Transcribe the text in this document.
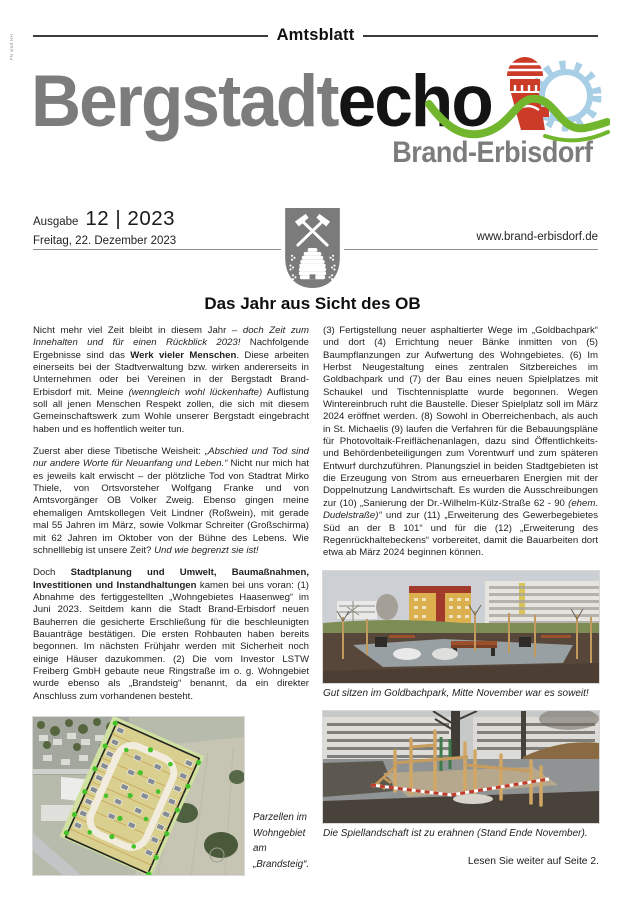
FN sind HH	Amtsblatt
Bergstadtecho
Brand-Erbisdorf
Ausgabe 12 | 2023
Freitag, 22. Dezember 2023	www.brand-erbisdorf.de
Das Jahr aus Sicht des OB

Nicht mehr viel Zeit bleibt in diesem Jahr – doch Zeit zum Innehalten und für einen Rückblick 2023! Nachfolgende Ergebnisse sind das Werk vieler Menschen. Diese arbeiten einerseits bei der Stadtverwaltung bzw. wirken andererseits in Unternehmen oder bei Vereinen in der Bergstadt Brand-Erbisdorf mit. Meine (wenngleich wohl lückenhafte) Auflistung soll all jenen Menschen Respekt zollen, die sich mit diesem Gemeinschaftswerk zum Wohle unserer Bergstadt eingebracht haben und es hoffentlich weiter tun.

Zuerst aber diese Tibetische Weisheit: „Abschied und Tod sind nur andere Worte für Neuanfang und Leben.“ Nicht nur mich hat es jeweils kalt erwischt – der plötzliche Tod von Stadtrat Mirko Thiele, von Ortsvorsteher Wolfgang Franke und von Amtsvorgänger OB Volker Zweig. Ebenso gingen meine ehemaligen Amtskollegen Veit Lindner (Roßwein), mit gerade mal 55 Jahren im März, sowie Volkmar Schreiter (Großschirma) mit 62 Jahren im Oktober von der Bühne des Lebens. Wie schnelllebig ist unsere Zeit? Und wie begrenzt sie ist!

Doch Stadtplanung und Umwelt, Baumaßnahmen, Investitionen und Instandhaltungen kamen bei uns voran: (1) Abnahme des fertiggestellten „Wohngebietes Haasenweg“ im Juni 2023. Seitdem kann die Stadt Brand-Erbisdorf neuen Bauherren die gesicherte Erschließung für die beschleunigten Bauanträge bestätigen. Die ersten Rohbauten haben bereits begonnen. Im nächsten Frühjahr werden mit Sicherheit noch einige Häuser dazukommen. (2) Die vom Investor LSTW Freiberg GmbH gebaute neue Ringstraße im o. g. Wohngebiet wurde ebenso als „Brandsteig“ benannt, da ein direkter Anschluss zum vorhandenen besteht.

(3) Fertigstellung neuer asphaltierter Wege im „Goldbachpark“ und dort (4) Errichtung neuer Bänke inmitten von (5) Baumpflanzungen zur Aufwertung des Wohngebietes. (6) Im Herbst Neugestaltung eines zentralen Sitzbereiches im Goldbachpark und (7) der Bau eines neuen Spielplatzes mit Schaukel und Tischtennisplatte wurde begonnen. Wegen Wintereinbruch ruht die Baustelle. Dieser Spielplatz soll im März 2024 eröffnet werden. (8) Sowohl in Oberreichenbach, als auch in St. Michaelis (9) laufen die Verfahren für die Bebauungspläne für Photovoltaik-Freiflächenanlagen, dazu sind Öffentlichkeits- und Behördenbeteiligungen zum Vorentwurf und zum späteren Entwurf durchzuführen. Planungsziel in beiden Stadtgebieten ist die Erzeugung von Strom aus erneuerbaren Energien mit der Doppelnutzung Landwirtschaft. Es wurden die Ausschreibungen zur (10) „Sanierung der Dr.-Wilhelm-Külz-Straße 62 - 90 (ehem. Dudelstraße)“ und zur (11) „Erweiterung des Gewerbegebietes Süd an der B 101“ und für die (12) „Erweiterung des Regenrückhaltebeckens“ vorbereitet, damit die Bauarbeiten dort etwa ab März 2024 beginnen können.

Parzellen im Wohngebiet am „Brandsteig“.
Gut sitzen im Goldbachpark, Mitte November war es soweit!
Die Spiellandschaft ist zu erahnen (Stand Ende November).
Lesen Sie weiter auf Seite 2.
